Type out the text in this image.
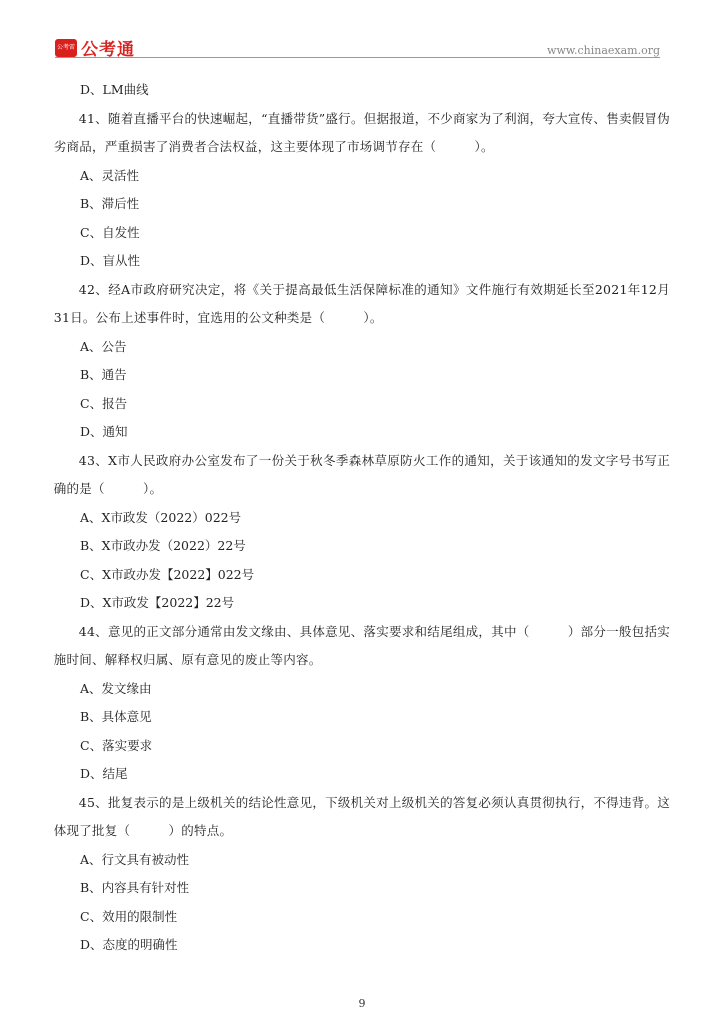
公考雷 公考通	www.chinaexam.org
D、LM曲线
41、随着直播平台的快速崛起，“直播带货”盛行。但据报道，不少商家为了利润，夸大宣传、售卖假冒伪劣商品，严重损害了消费者合法权益，这主要体现了市场调节存在（　　　）。
A、灵活性
B、滞后性
C、自发性
D、盲从性
42、经A市政府研究决定，将《关于提高最低生活保障标准的通知》文件施行有效期延长至2021年12月31日。公布上述事件时，宜选用的公文种类是（　　　）。
A、公告
B、通告
C、报告
D、通知
43、X市人民政府办公室发布了一份关于秋冬季森林草原防火工作的通知，关于该通知的发文字号书写正确的是（　　　）。
A、X市政发（2022）022号
B、X市政办发（2022）22号
C、X市政办发【2022】022号
D、X市政发【2022】22号
44、意见的正文部分通常由发文缘由、具体意见、落实要求和结尾组成，其中（　　　）部分一般包括实施时间、解释权归属、原有意见的废止等内容。
A、发文缘由
B、具体意见
C、落实要求
D、结尾
45、批复表示的是上级机关的结论性意见，下级机关对上级机关的答复必须认真贯彻执行，不得违背。这体现了批复（　　　）的特点。
A、行文具有被动性
B、内容具有针对性
C、效用的限制性
D、态度的明确性
9
